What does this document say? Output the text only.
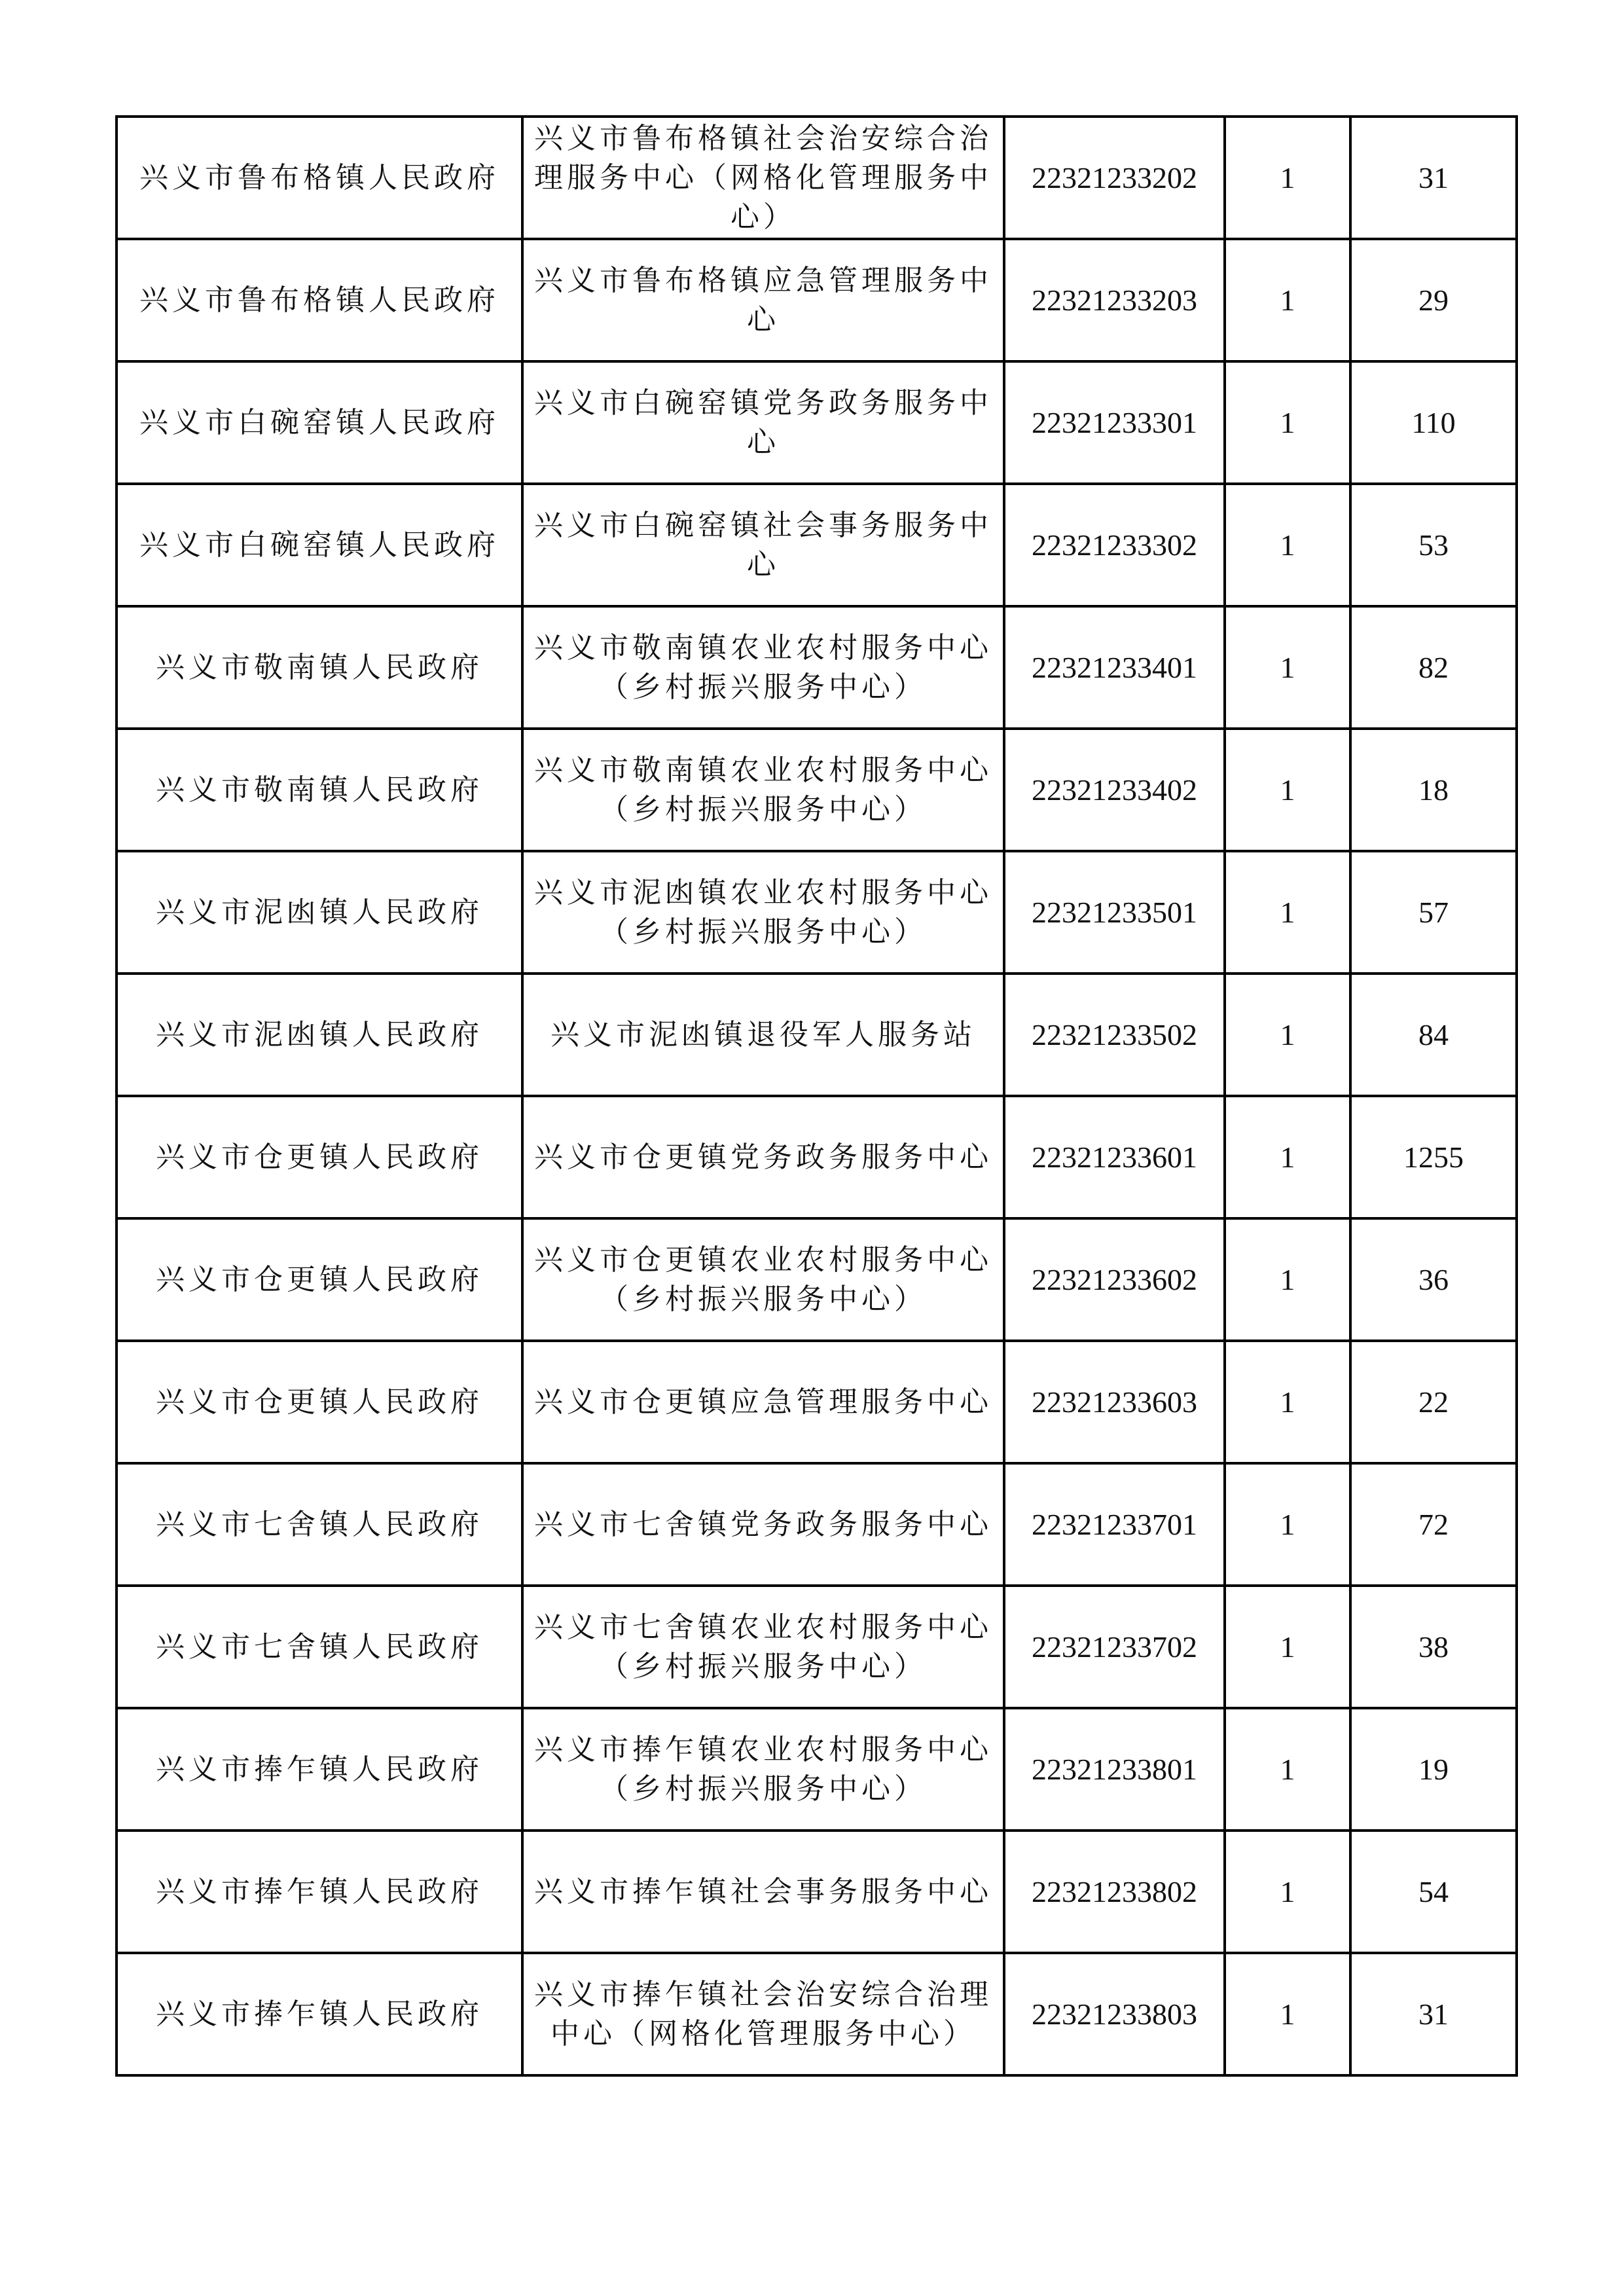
兴义市鲁布格镇人民政府	兴义市鲁布格镇社会治安综合治理服务中心（网格化管理服务中心）	22321233202	1	31
兴义市鲁布格镇人民政府	兴义市鲁布格镇应急管理服务中心	22321233203	1	29
兴义市白碗窑镇人民政府	兴义市白碗窑镇党务政务服务中心	22321233301	1	110
兴义市白碗窑镇人民政府	兴义市白碗窑镇社会事务服务中心	22321233302	1	53
兴义市敬南镇人民政府	兴义市敬南镇农业农村服务中心（乡村振兴服务中心）	22321233401	1	82
兴义市敬南镇人民政府	兴义市敬南镇农业农村服务中心（乡村振兴服务中心）	22321233402	1	18
兴义市泥凼镇人民政府	兴义市泥凼镇农业农村服务中心（乡村振兴服务中心）	22321233501	1	57
兴义市泥凼镇人民政府	兴义市泥凼镇退役军人服务站	22321233502	1	84
兴义市仓更镇人民政府	兴义市仓更镇党务政务服务中心	22321233601	1	1255
兴义市仓更镇人民政府	兴义市仓更镇农业农村服务中心（乡村振兴服务中心）	22321233602	1	36
兴义市仓更镇人民政府	兴义市仓更镇应急管理服务中心	22321233603	1	22
兴义市七舍镇人民政府	兴义市七舍镇党务政务服务中心	22321233701	1	72
兴义市七舍镇人民政府	兴义市七舍镇农业农村服务中心（乡村振兴服务中心）	22321233702	1	38
兴义市捧乍镇人民政府	兴义市捧乍镇农业农村服务中心（乡村振兴服务中心）	22321233801	1	19
兴义市捧乍镇人民政府	兴义市捧乍镇社会事务服务中心	22321233802	1	54
兴义市捧乍镇人民政府	兴义市捧乍镇社会治安综合治理中心（网格化管理服务中心）	22321233803	1	31
